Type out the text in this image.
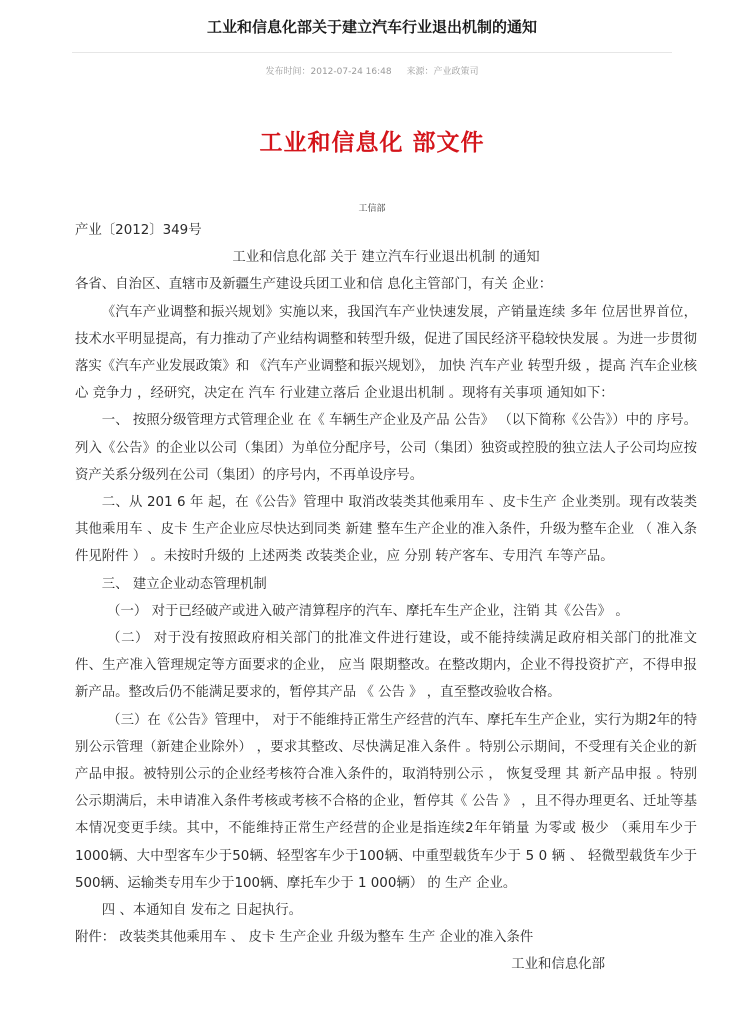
工业和信息化部关于建立汽车行业退出机制的通知
发布时间：2012-07-24 16:48 来源：产业政策司
工业和信息化 部文件
工信部

产业〔2012〕349号

工业和信息化部 关于 建立汽车行业退出机制 的通知

各省、自治区、直辖市及新疆生产建设兵团工业和信 息化主管部门，有关 企业：

《汽车产业调整和振兴规划》实施以来，我国汽车产业快速发展，产销量连续 多年 位居世界首位，技术水平明显提高，有力推动了产业结构调整和转型升级，促进了国民经济平稳较快发展 。为进一步贯彻落实《汽车产业发展政策》和 《汽车产业调整和振兴规划》， 加快 汽车产业 转型升级 ，提高 汽车企业核心 竞争力 ，经研究，决定在 汽车 行业建立落后 企业退出机制 。现将有关事项 通知如下：

一、 按照分级管理方式管理企业 在《 车辆生产企业及产品 公告》 （以下简称《公告》）中的 序号。列入《公告》的企业以公司（集团）为单位分配序号，公司（集团）独资或控股的独立法人子公司均应按资产关系分级列在公司（集团）的序号内，不再单设序号。

二、从 201 6 年 起，在《公告》管理中 取消改装类其他乘用车 、皮卡生产 企业类别。现有改装类其他乘用车 、皮卡 生产企业应尽快达到同类 新建 整车生产企业的准入条件，升级为整车企业 （ 准入条件见附件 ） 。未按时升级的 上述两类 改装类企业，应 分别 转产客车、专用汽 车等产品。

三、 建立企业动态管理机制

（一） 对于已经破产或进入破产清算程序的汽车、摩托车生产企业，注销 其《公告》 。

（二） 对于没有按照政府相关部门的批准文件进行建设，或不能持续满足政府相关部门的批准文件、生产准入管理规定等方面要求的企业， 应当 限期整改。在整改期内，企业不得投资扩产，不得申报新产品。整改后仍不能满足要求的，暂停其产品 《 公告 》 ，直至整改验收合格。

（三）在《公告》管理中， 对于不能维持正常生产经营的汽车、摩托车生产企业，实行为期2年的特别公示管理（新建企业除外） ，要求其整改、尽快满足准入条件 。特别公示期间，不受理有关企业的新产品申报。被特别公示的企业经考核符合准入条件的，取消特别公示 ， 恢复受理 其 新产品申报 。特别公示期满后，未申请准入条件考核或考核不合格的企业，暂停其《 公告 》 ，且不得办理更名、迁址等基本情况变更手续。其中，不能维持正常生产经营的企业是指连续2年年销量 为零或 极少 （乘用车少于1000辆、大中型客车少于50辆、轻型客车少于100辆、中重型载货车少于 5 0 辆 、 轻微型载货车少于500辆、运输类专用车少于100辆、摩托车少于 1 000辆） 的 生产 企业。

四 、本通知自 发布之 日起执行。

附件： 改装类其他乘用车 、 皮卡 生产企业 升级为整车 生产 企业的准入条件

工业和信息化部
